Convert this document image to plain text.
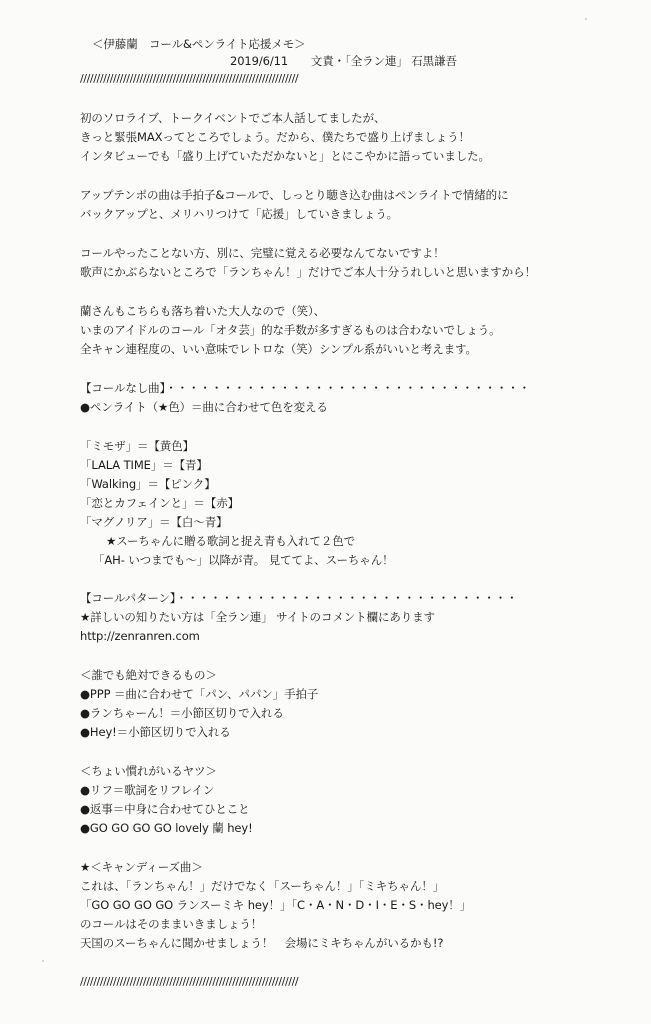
＜伊藤蘭　コール&ペンライト応援メモ＞
2019/6/11　　文責・「全ラン連」 石黒謙吾
//////////////////////////////////////////////////////////////////
初のソロライブ、トークイベントでご本人話してましたが、
きっと緊張MAXってところでしょう。だから、僕たちで盛り上げましょう！
インタビューでも「盛り上げていただかないと」とにこやかに語っていました。
アップテンポの曲は手拍子&コールで、しっとり聴き込む曲はペンライトで情緒的に
バックアップと、メリハリつけて「応援」していきましょう。
コールやったことない方、別に、完璧に覚える必要なんてないですよ！
歌声にかぶらないところで「ランちゃん！」だけでご本人十分うれしいと思いますから！
蘭さんもこちらも落ち着いた大人なので（笑）、
いまのアイドルのコール「オタ芸」的な手数が多すぎるものは合わないでしょう。
全キャン連程度の、いい意味でレトロな（笑）シンプル系がいいと考えます。
【コールなし曲】・・・・・・・・・・・・・・・・・・・・・・・・・・・・・・・・
●ペンライト（★色）＝曲に合わせて色を変える
「ミモザ」＝【黄色】
「LALA TIME」＝【青】
「Walking」＝【ピンク】
「恋とカフェインと」＝【赤】
「マグノリア」＝【白～青】
★スーちゃんに贈る歌詞と捉え青も入れて２色で
「AH- いつまでも～」以降が青。 見ててよ、スーちゃん！
【コールパターン】・・・・・・・・・・・・・・・・・・・・・・・・・・・・・・
★詳しいの知りたい方は「全ラン連」 サイトのコメント欄にあります
http://zenranren.com
＜誰でも絶対できるもの＞
●PPP ＝曲に合わせて「パン、パパン」手拍子
●ランちゃーん！＝小節区切りで入れる
●Hey!＝小節区切りで入れる
＜ちょい慣れがいるヤツ＞
●リフ＝歌詞をリフレイン
●返事＝中身に合わせてひとこと
●GO GO GO GO lovely 蘭 hey!
★＜キャンディーズ曲＞
これは、「ランちゃん！」だけでなく「スーちゃん！」「ミキちゃん！」
「GO GO GO GO ランスーミキ hey！」「C・A・N・D・I・E・S・hey！」
のコールはそのままいきましょう！
天国のスーちゃんに聞かせましょう！　会場にミキちゃんがいるかも!?
//////////////////////////////////////////////////////////////////
